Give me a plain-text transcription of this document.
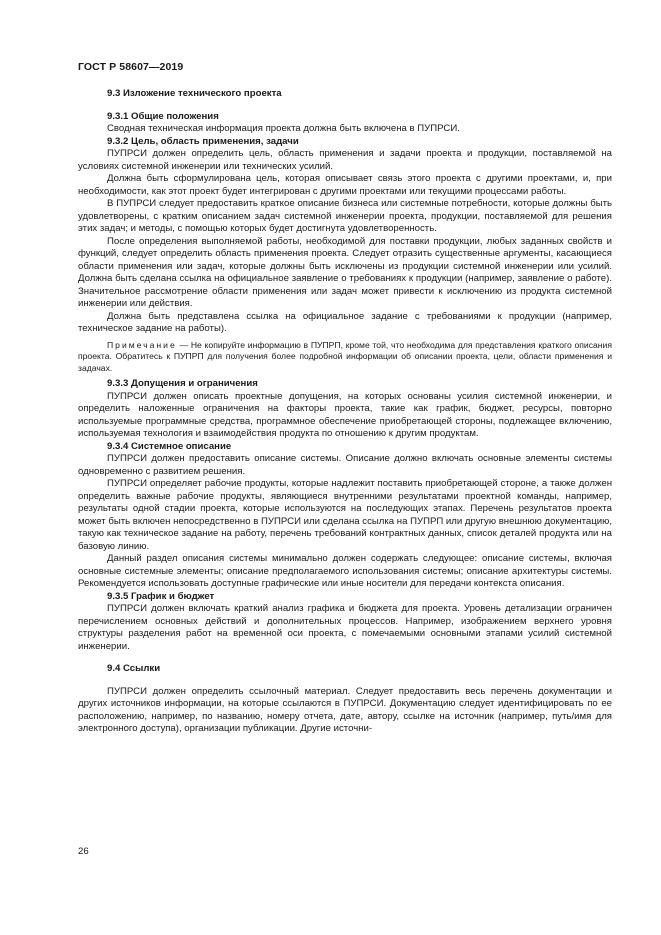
ГОСТ Р 58607—2019

9.3 Изложение технического проекта

9.3.1 Общие положения

Сводная техническая информация проекта должна быть включена в ПУПРСИ.

9.3.2 Цель, область применения, задачи

ПУПРСИ должен определить цель, область применения и задачи проекта и продукции, поставляемой на условиях системной инженерии или технических усилий.

Должна быть сформулирована цель, которая описывает связь этого проекта с другими проектами, и, при необходимости, как этот проект будет интегрирован с другими проектами или текущими процессами работы.

В ПУПРСИ следует предоставить краткое описание бизнеса или системные потребности, которые должны быть удовлетворены, с кратким описанием задач системной инженерии проекта, продукции, поставляемой для решения этих задач; и методы, с помощью которых будет достигнута удовлетворенность.

После определения выполняемой работы, необходимой для поставки продукции, любых заданных свойств и функций, следует определить область применения проекта. Следует отразить существенные аргументы, касающиеся области применения или задач, которые должны быть исключены из продукции системной инженерии или усилий. Должна быть сделана ссылка на официальное заявление о требованиях к продукции (например, заявление о работе). Значительное рассмотрение области применения или задач может привести к исключению из продукта системной инженерии или действия.

Должна быть представлена ссылка на официальное задание с требованиями к продукции (например, техническое задание на работы).

Примечание — Не копируйте информацию в ПУПРП, кроме той, что необходима для представления краткого описания проекта. Обратитесь к ПУПРП для получения более подробной информации об описании проекта, цели, области применения и задачах.

9.3.3 Допущения и ограничения

ПУПРСИ должен описать проектные допущения, на которых основаны усилия системной инженерии, и определить наложенные ограничения на факторы проекта, такие как график, бюджет, ресурсы, повторно используемые программные средства, программное обеспечение приобретающей стороны, подлежащее включению, используемая технология и взаимодействия продукта по отношению к другим продуктам.

9.3.4 Системное описание

ПУПРСИ должен предоставить описание системы. Описание должно включать основные элементы системы одновременно с развитием решения.

ПУПРСИ определяет рабочие продукты, которые надлежит поставить приобретающей стороне, а также должен определить важные рабочие продукты, являющиеся внутренними результатами проектной команды, например, результаты одной стадии проекта, которые используются на последующих этапах. Перечень результатов проекта может быть включен непосредственно в ПУПРСИ или сделана ссылка на ПУПРП или другую внешнюю документацию, такую как техническое задание на работу, перечень требований контрактных данных, список деталей продукта или на базовую линию.

Данный раздел описания системы минимально должен содержать следующее: описание системы, включая основные системные элементы; описание предполагаемого использования системы; описание архитектуры системы. Рекомендуется использовать доступные графические или иные носители для передачи контекста описания.

9.3.5 График и бюджет

ПУПРСИ должен включать краткий анализ графика и бюджета для проекта. Уровень детализации ограничен перечислением основных действий и дополнительных процессов. Например, изображением верхнего уровня структуры разделения работ на временной оси проекта, с помечаемыми основными этапами усилий системной инженерии.

9.4 Ссылки

ПУПРСИ должен определить ссылочный материал. Следует предоставить весь перечень документации и других источников информации, на которые ссылаются в ПУПРСИ. Документацию следует идентифицировать по ее расположению, например, по названию, номеру отчета, дате, автору, ссылке на источник (например, путь/имя для электронного доступа), организации публикации. Другие источни-

26
